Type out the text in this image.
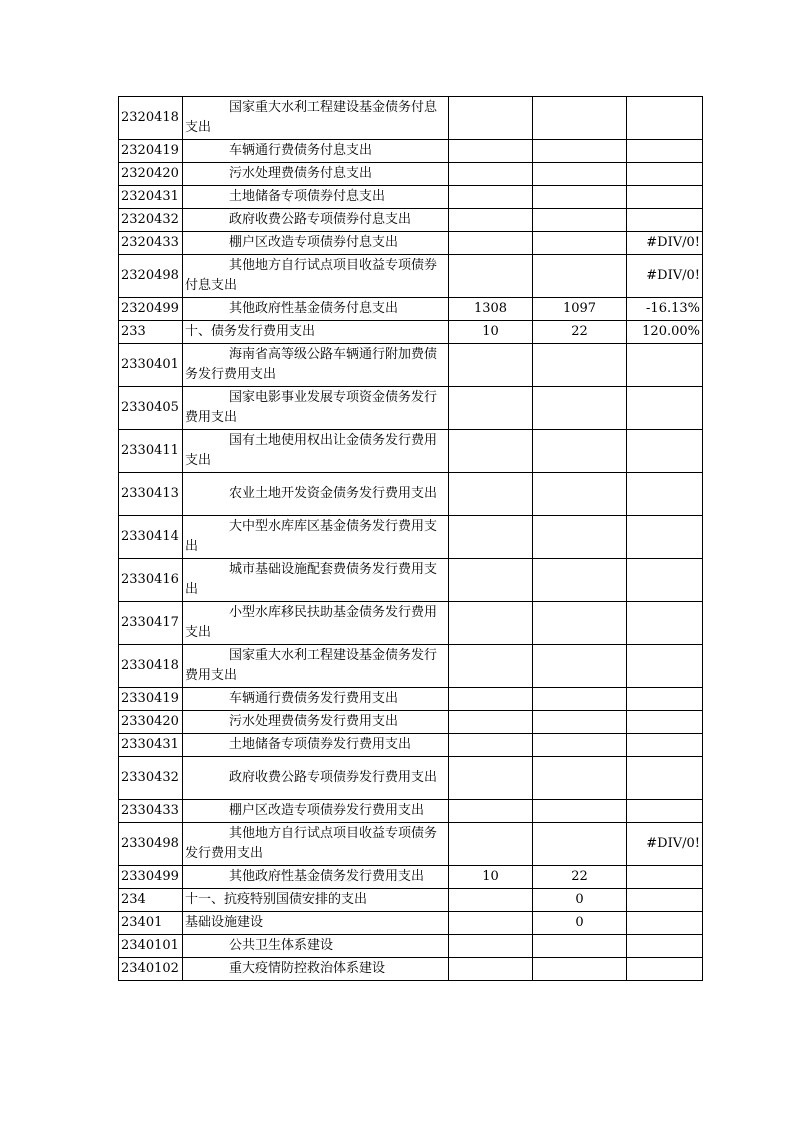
2320418	国家重大水利工程建设基金债务付息支出			
2320419	车辆通行费债务付息支出			
2320420	污水处理费债务付息支出			
2320431	土地储备专项债券付息支出			
2320432	政府收费公路专项债券付息支出			
2320433	棚户区改造专项债券付息支出			#DIV/0!
2320498	其他地方自行试点项目收益专项债券付息支出			#DIV/0!
2320499	其他政府性基金债务付息支出	1308	1097	-16.13%
233	十、债务发行费用支出	10	22	120.00%
2330401	海南省高等级公路车辆通行附加费债务发行费用支出			
2330405	国家电影事业发展专项资金债务发行费用支出			
2330411	国有土地使用权出让金债务发行费用支出			
2330413	农业土地开发资金债务发行费用支出			
2330414	大中型水库库区基金债务发行费用支出			
2330416	城市基础设施配套费债务发行费用支出			
2330417	小型水库移民扶助基金债务发行费用支出			
2330418	国家重大水利工程建设基金债务发行费用支出			
2330419	车辆通行费债务发行费用支出			
2330420	污水处理费债务发行费用支出			
2330431	土地储备专项债券发行费用支出			
2330432	政府收费公路专项债券发行费用支出			
2330433	棚户区改造专项债券发行费用支出			
2330498	其他地方自行试点项目收益专项债务发行费用支出			#DIV/0!
2330499	其他政府性基金债务发行费用支出	10	22	
234	十一、抗疫特别国债安排的支出		0	
23401	基础设施建设		0	
2340101	公共卫生体系建设			
2340102	重大疫情防控救治体系建设			
